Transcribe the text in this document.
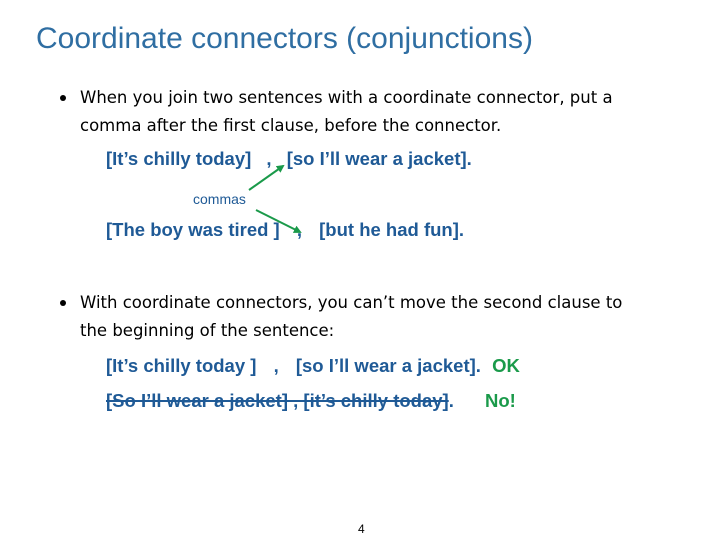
Coordinate connectors (conjunctions)
When you join two sentences with a coordinate connector, put a
comma after the first clause, before the connector.
[It’s chilly today] , [so I’ll wear a jacket].
commas
[The boy was tired ] , [but he had fun].
With coordinate connectors, you can’t move the second clause to
the beginning of the sentence:
[It’s chilly today ] , [so I’ll wear a jacket]. OK
[So I’ll wear a jacket] , [it’s chilly today]. No!
4
